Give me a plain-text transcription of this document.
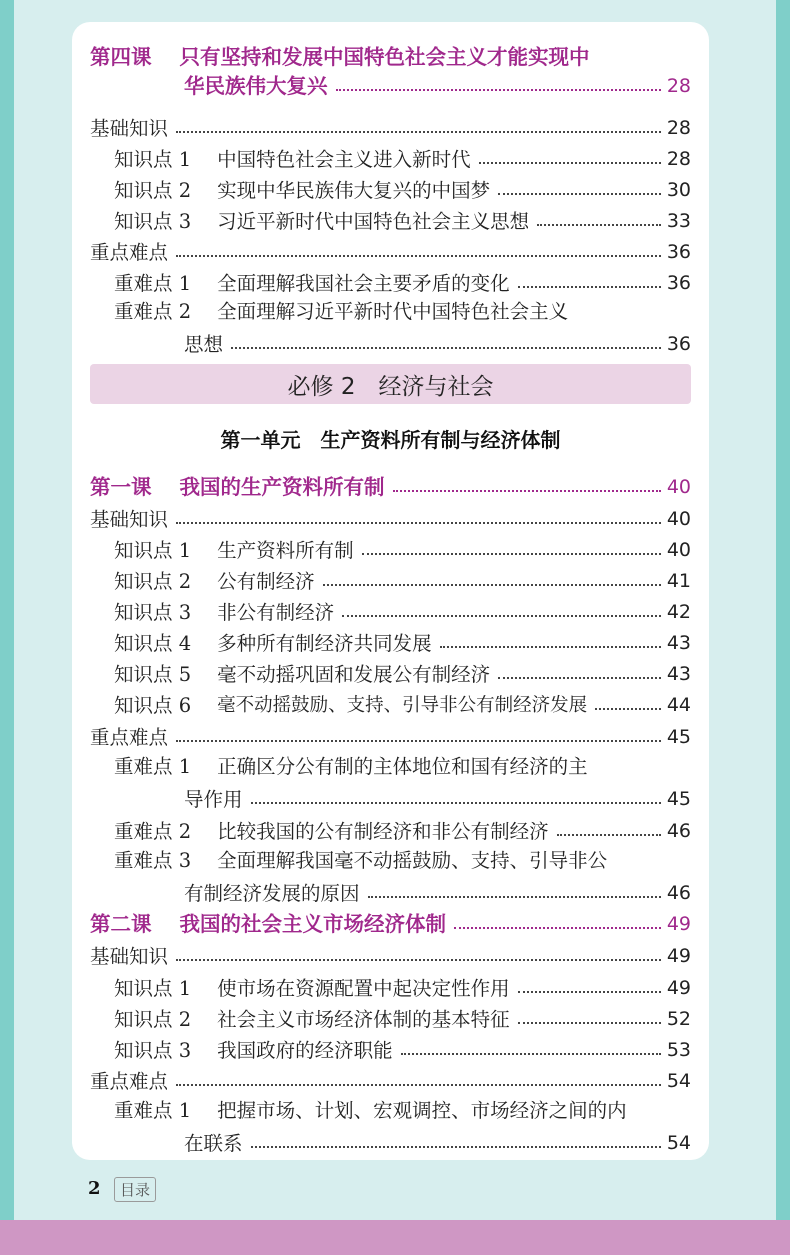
第四课 只有坚持和发展中国特色社会主义才能实现中
华民族伟大复兴	28
基础知识	28
知识点 1 中国特色社会主义进入新时代	28
知识点 2 实现中华民族伟大复兴的中国梦	30
知识点 3 习近平新时代中国特色社会主义思想	33
重点难点	36
重难点 1 全面理解我国社会主要矛盾的变化	36
重难点 2 全面理解习近平新时代中国特色社会主义
思想	36
必修 2　经济与社会
第一单元　生产资料所有制与经济体制
第一课 我国的生产资料所有制	40
基础知识	40
知识点 1 生产资料所有制	40
知识点 2 公有制经济	41
知识点 3 非公有制经济	42
知识点 4 多种所有制经济共同发展	43
知识点 5 毫不动摇巩固和发展公有制经济	43
知识点 6 毫不动摇鼓励、支持、引导非公有制经济发展	44
重点难点	45
重难点 1 正确区分公有制的主体地位和国有经济的主
导作用	45
重难点 2 比较我国的公有制经济和非公有制经济	46
重难点 3 全面理解我国毫不动摇鼓励、支持、引导非公
有制经济发展的原因	46
第二课 我国的社会主义市场经济体制	49
基础知识	49
知识点 1 使市场在资源配置中起决定性作用	49
知识点 2 社会主义市场经济体制的基本特征	52
知识点 3 我国政府的经济职能	53
重点难点	54
重难点 1 把握市场、计划、宏观调控、市场经济之间的内
在联系	54
2	目录
